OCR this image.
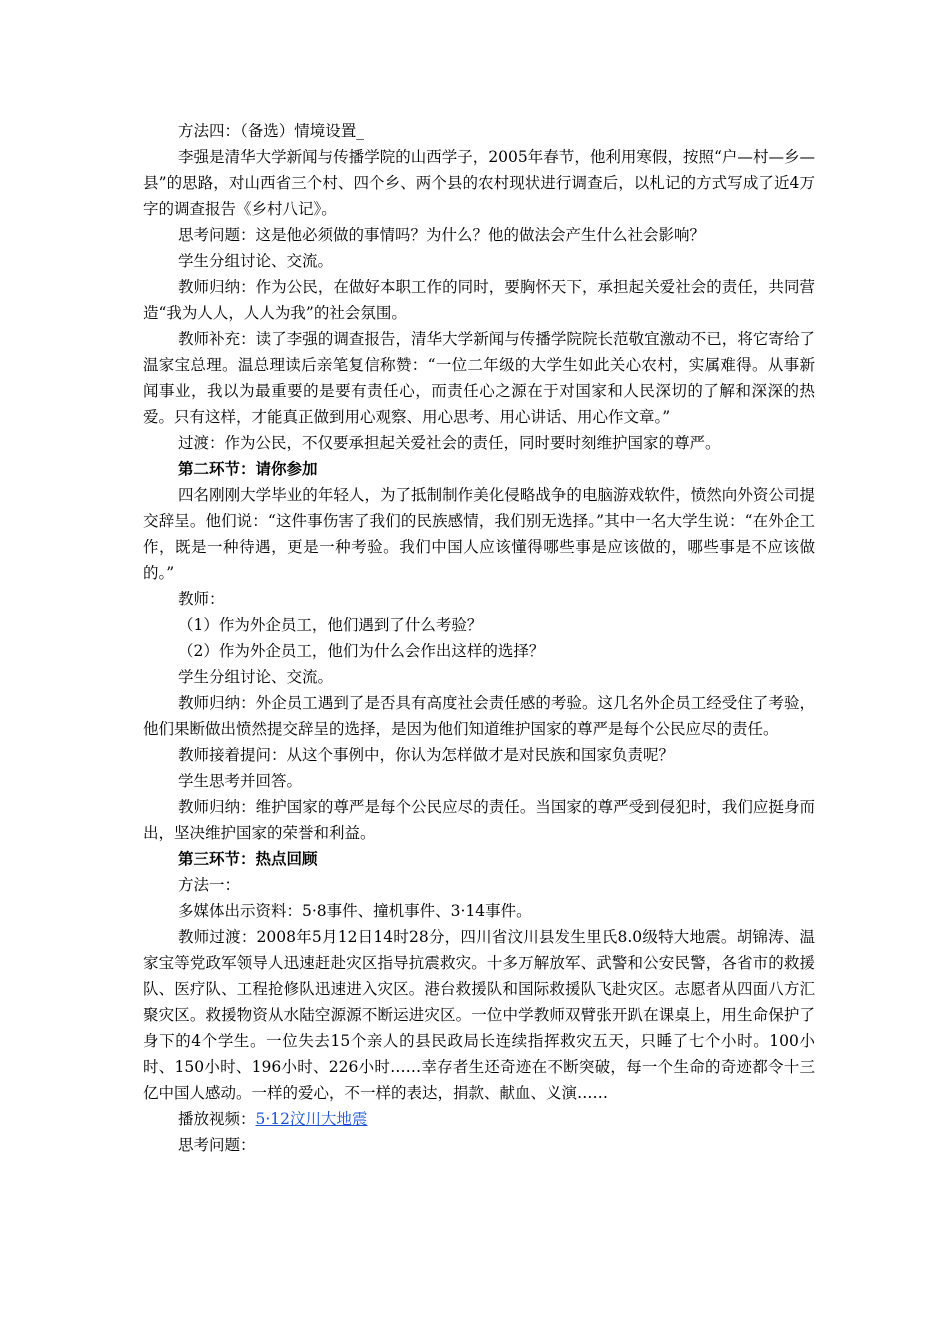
方法四：（备选）情境设置_

李强是清华大学新闻与传播学院的山西学子，2005年春节，他利用寒假，按照“户—村—乡—县”的思路，对山西省三个村、四个乡、两个县的农村现状进行调查后，以札记的方式写成了近4万字的调查报告《乡村八记》。

思考问题：这是他必须做的事情吗？为什么？他的做法会产生什么社会影响？

学生分组讨论、交流。

教师归纳：作为公民，在做好本职工作的同时，要胸怀天下，承担起关爱社会的责任，共同营造“我为人人，人人为我”的社会氛围。

教师补充：读了李强的调查报告，清华大学新闻与传播学院院长范敬宜激动不已，将它寄给了温家宝总理。温总理读后亲笔复信称赞：“一位二年级的大学生如此关心农村，实属难得。从事新闻事业，我以为最重要的是要有责任心，而责任心之源在于对国家和人民深切的了解和深深的热爱。只有这样，才能真正做到用心观察、用心思考、用心讲话、用心作文章。”

过渡：作为公民，不仅要承担起关爱社会的责任，同时要时刻维护国家的尊严。

第二环节：请你参加

四名刚刚大学毕业的年轻人，为了抵制制作美化侵略战争的电脑游戏软件，愤然向外资公司提交辞呈。他们说：“这件事伤害了我们的民族感情，我们别无选择。”其中一名大学生说：“在外企工作，既是一种待遇，更是一种考验。我们中国人应该懂得哪些事是应该做的，哪些事是不应该做的。”

教师：

（1）作为外企员工，他们遇到了什么考验？

（2）作为外企员工，他们为什么会作出这样的选择？

学生分组讨论、交流。

教师归纳：外企员工遇到了是否具有高度社会责任感的考验。这几名外企员工经受住了考验，他们果断做出愤然提交辞呈的选择，是因为他们知道维护国家的尊严是每个公民应尽的责任。

教师接着提问：从这个事例中，你认为怎样做才是对民族和国家负责呢？

学生思考并回答。

教师归纳：维护国家的尊严是每个公民应尽的责任。当国家的尊严受到侵犯时，我们应挺身而出，坚决维护国家的荣誉和利益。

第三环节：热点回顾

方法一：

多媒体出示资料：5·8事件、撞机事件、3·14事件。

教师过渡：2008年5月12日14时28分，四川省汶川县发生里氏8.0级特大地震。胡锦涛、温家宝等党政军领导人迅速赶赴灾区指导抗震救灾。十多万解放军、武警和公安民警，各省市的救援队、医疗队、工程抢修队迅速进入灾区。港台救援队和国际救援队飞赴灾区。志愿者从四面八方汇聚灾区。救援物资从水陆空源源不断运进灾区。一位中学教师双臂张开趴在课桌上，用生命保护了身下的4个学生。一位失去15个亲人的县民政局长连续指挥救灾五天，只睡了七个小时。100小时、150小时、196小时、226小时……幸存者生还奇迹在不断突破，每一个生命的奇迹都令十三亿中国人感动。一样的爱心，不一样的表达，捐款、献血、义演……

播放视频：5·12汶川大地震

思考问题：
